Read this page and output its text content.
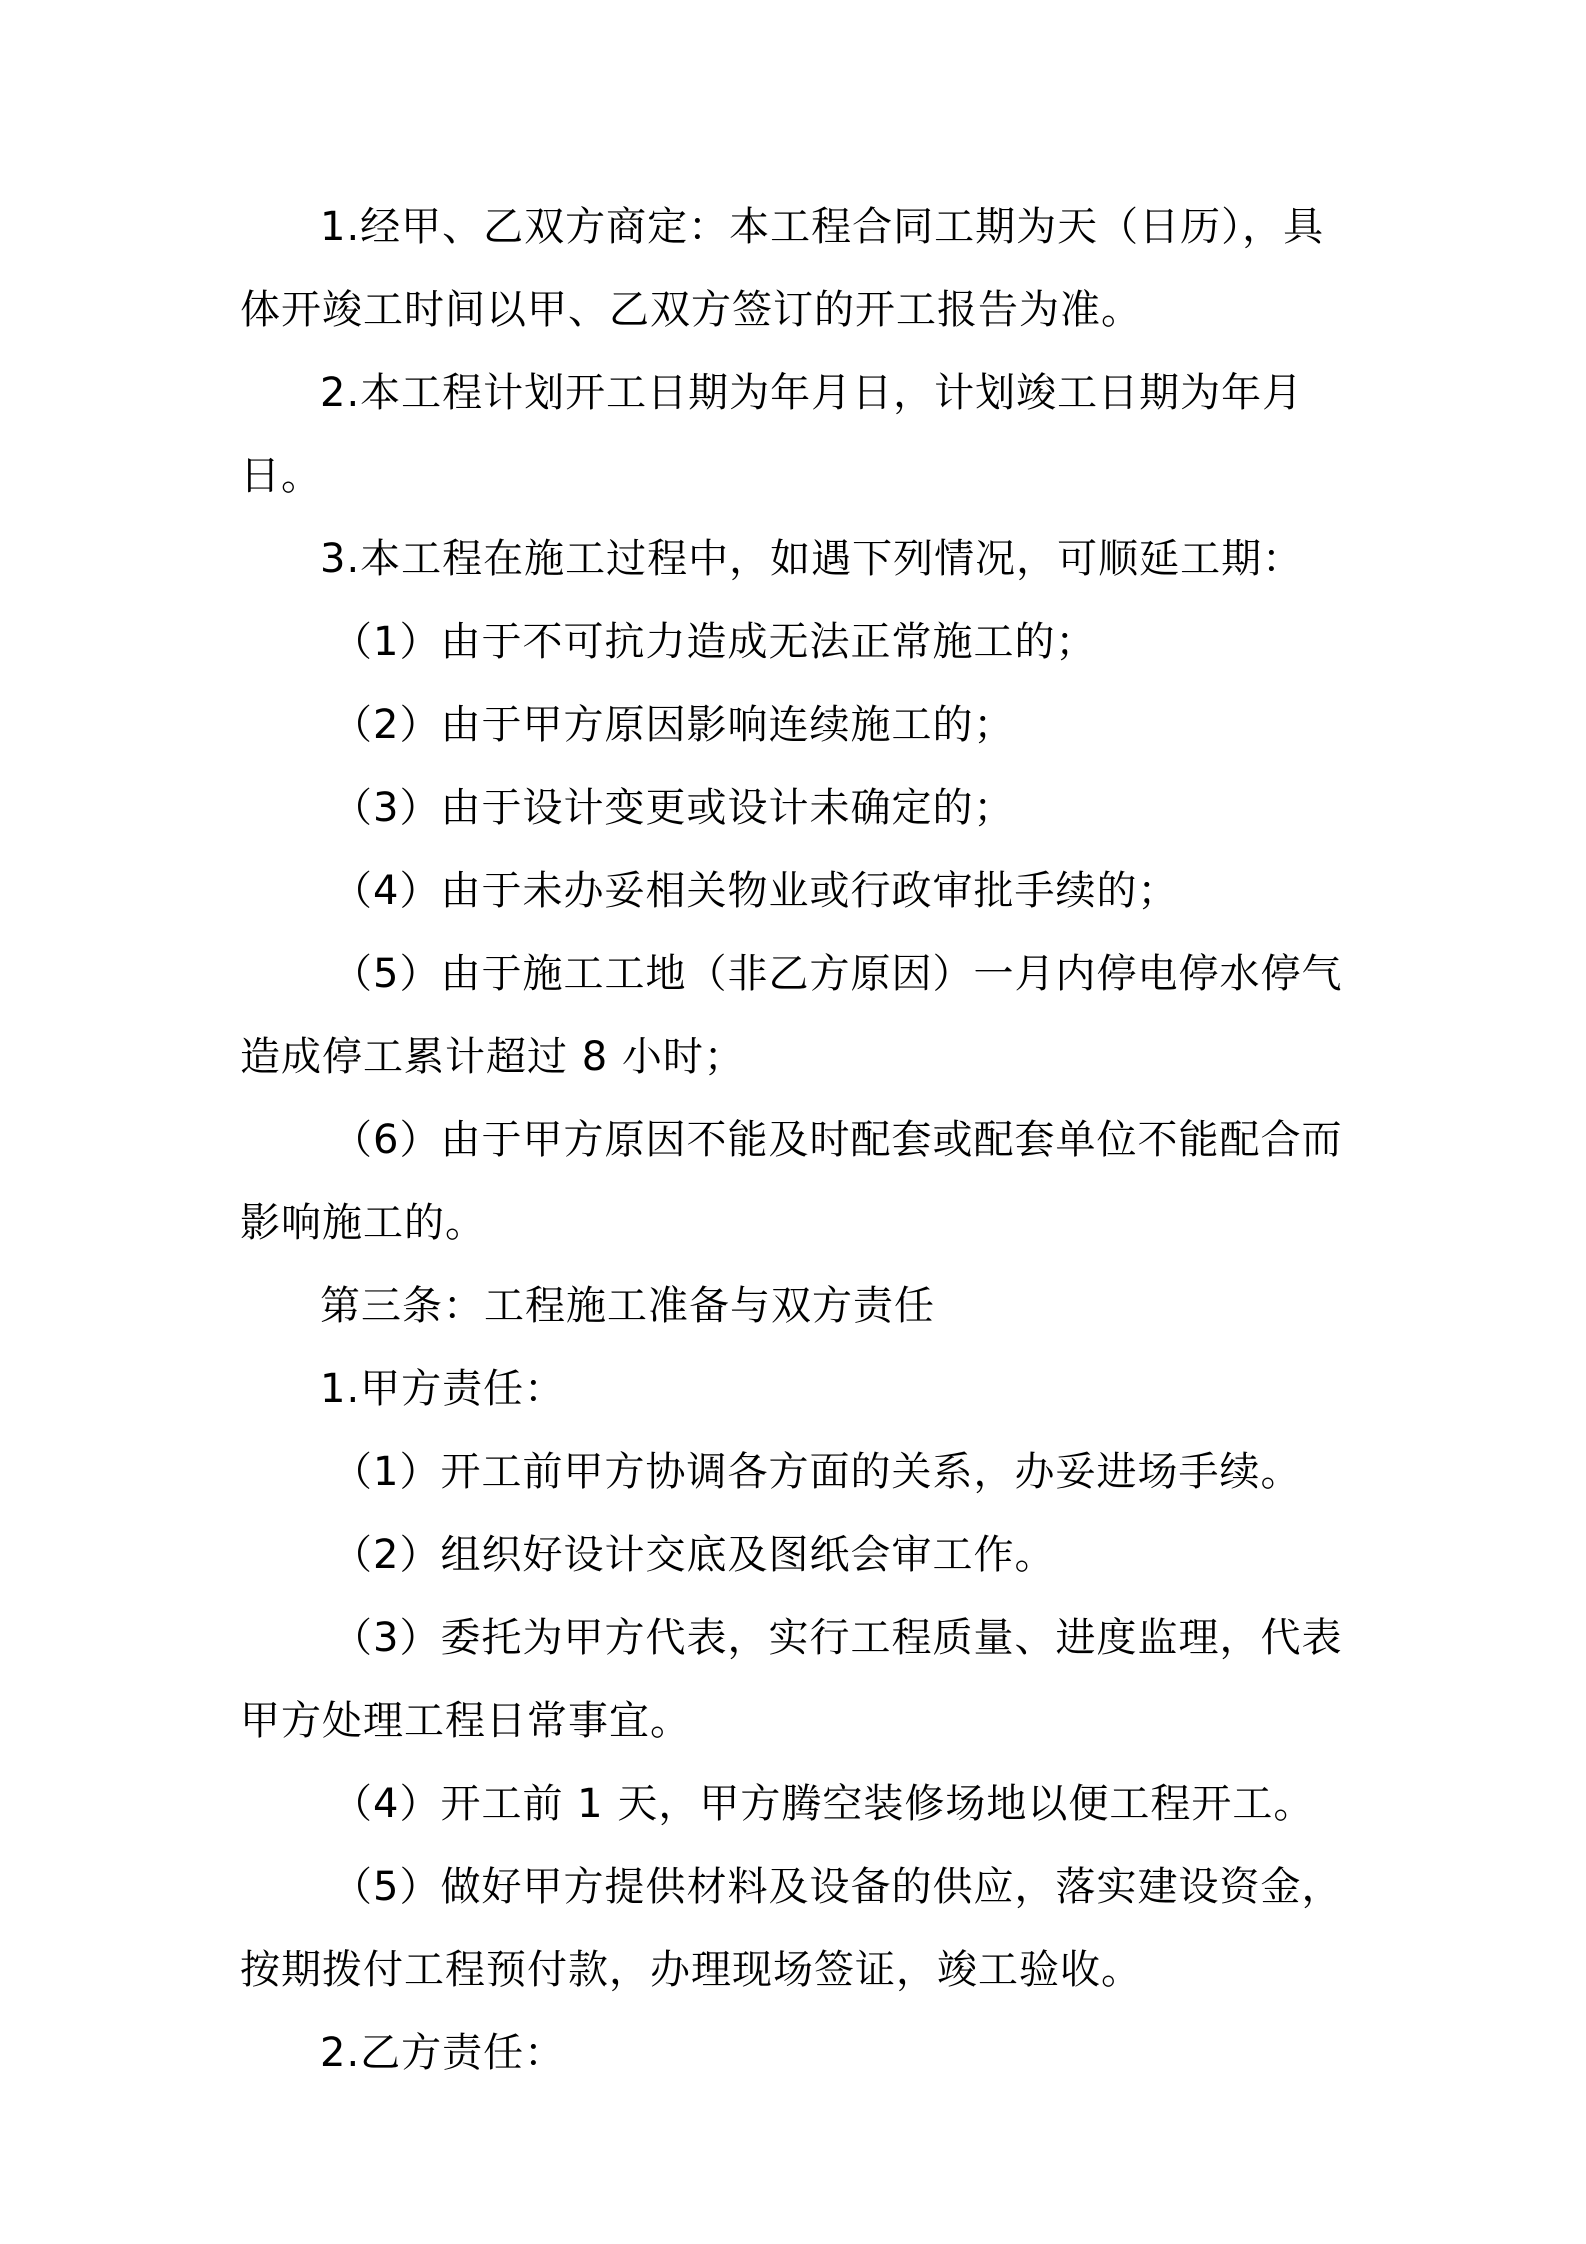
1.经甲、乙双方商定：本工程合同工期为天（日历），具体开竣工时间以甲、乙双方签订的开工报告为准。

2.本工程计划开工日期为年月日，计划竣工日期为年月日。

3.本工程在施工过程中，如遇下列情况，可顺延工期：

（1）由于不可抗力造成无法正常施工的；

（2）由于甲方原因影响连续施工的；

（3）由于设计变更或设计未确定的；

（4）由于未办妥相关物业或行政审批手续的；

（5）由于施工工地（非乙方原因）一月内停电停水停气造成停工累计超过 8 小时；

（6）由于甲方原因不能及时配套或配套单位不能配合而影响施工的。

第三条：工程施工准备与双方责任

1.甲方责任：

（1）开工前甲方协调各方面的关系，办妥进场手续。

（2）组织好设计交底及图纸会审工作。

（3）委托为甲方代表，实行工程质量、进度监理，代表甲方处理工程日常事宜。

（4）开工前 1 天，甲方腾空装修场地以便工程开工。

（5）做好甲方提供材料及设备的供应，落实建设资金，按期拨付工程预付款，办理现场签证，竣工验收。

2.乙方责任：
